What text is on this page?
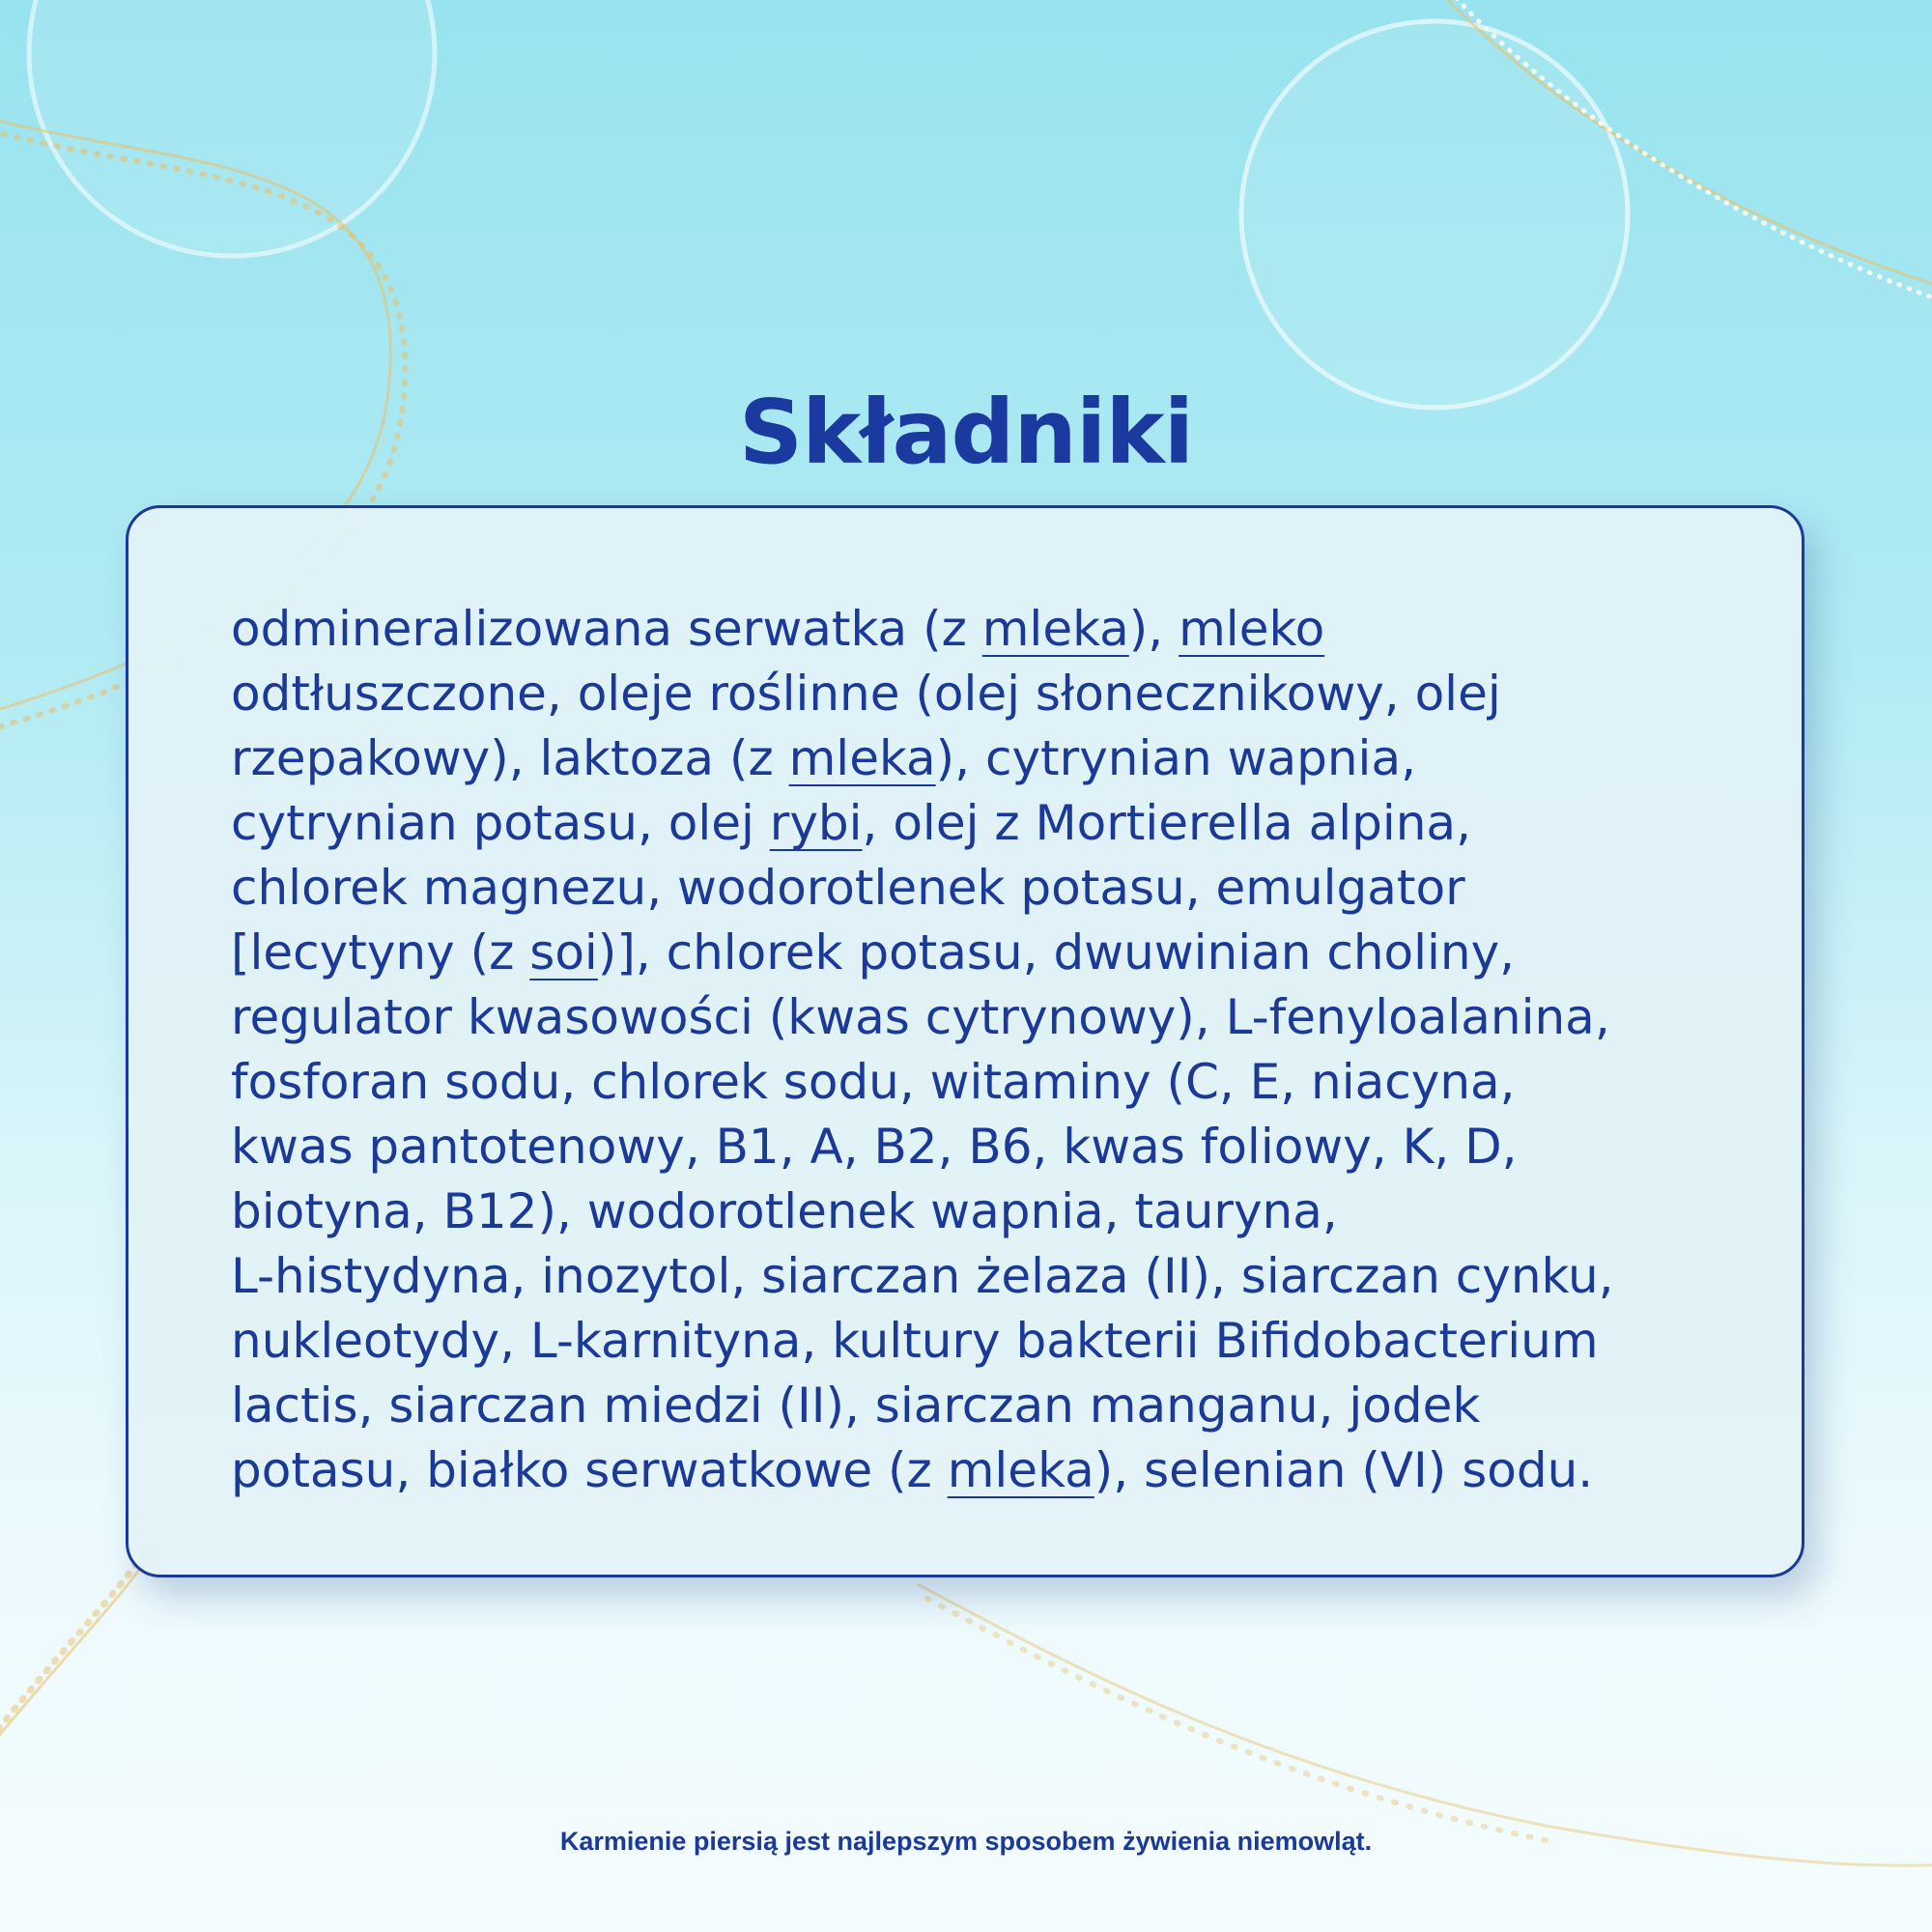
Składniki

odmineralizowana serwatka (z mleka), mleko
odtłuszczone, oleje roślinne (olej słonecznikowy, olej
rzepakowy), laktoza (z mleka), cytrynian wapnia,
cytrynian potasu, olej rybi, olej z Mortierella alpina,
chlorek magnezu, wodorotlenek potasu, emulgator
[lecytyny (z soi)], chlorek potasu, dwuwinian choliny,
regulator kwasowości (kwas cytrynowy), L-fenyloalanina,
fosforan sodu, chlorek sodu, witaminy (C, E, niacyna,
kwas pantotenowy, B1, A, B2, B6, kwas foliowy, K, D,
biotyna, B12), wodorotlenek wapnia, tauryna,
L-histydyna, inozytol, siarczan żelaza (II), siarczan cynku,
nukleotydy, L-karnityna, kultury bakterii Bifidobacterium
lactis, siarczan miedzi (II), siarczan manganu, jodek
potasu, białko serwatkowe (z mleka), selenian (VI) sodu.

Karmienie piersią jest najlepszym sposobem żywienia niemowląt.
